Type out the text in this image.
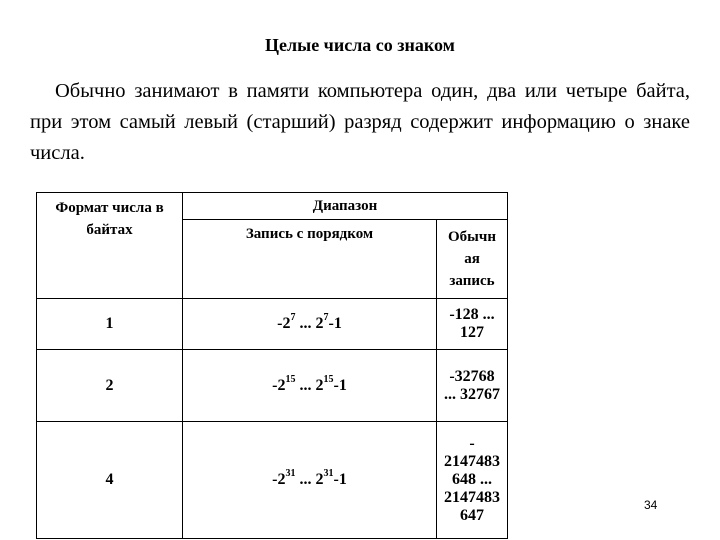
Целые числа со знаком
Обычно занимают в памяти компьютера один, два или четыре байта, при этом самый левый (старший) разряд содержит информацию о знаке числа.
Формат числа в байтах	Диапазон	
	Запись с порядком	Обычн
ая
запись

1	$-2^7$ ... $2^7-1$	-128 ...
127

2	$-2^{15}$ ... $2^{15}-1$	-32768
... 32767

4	$-2^{31}$ ... $2^{31}-1$	-
2147483
648 ...
2147483
647
34
